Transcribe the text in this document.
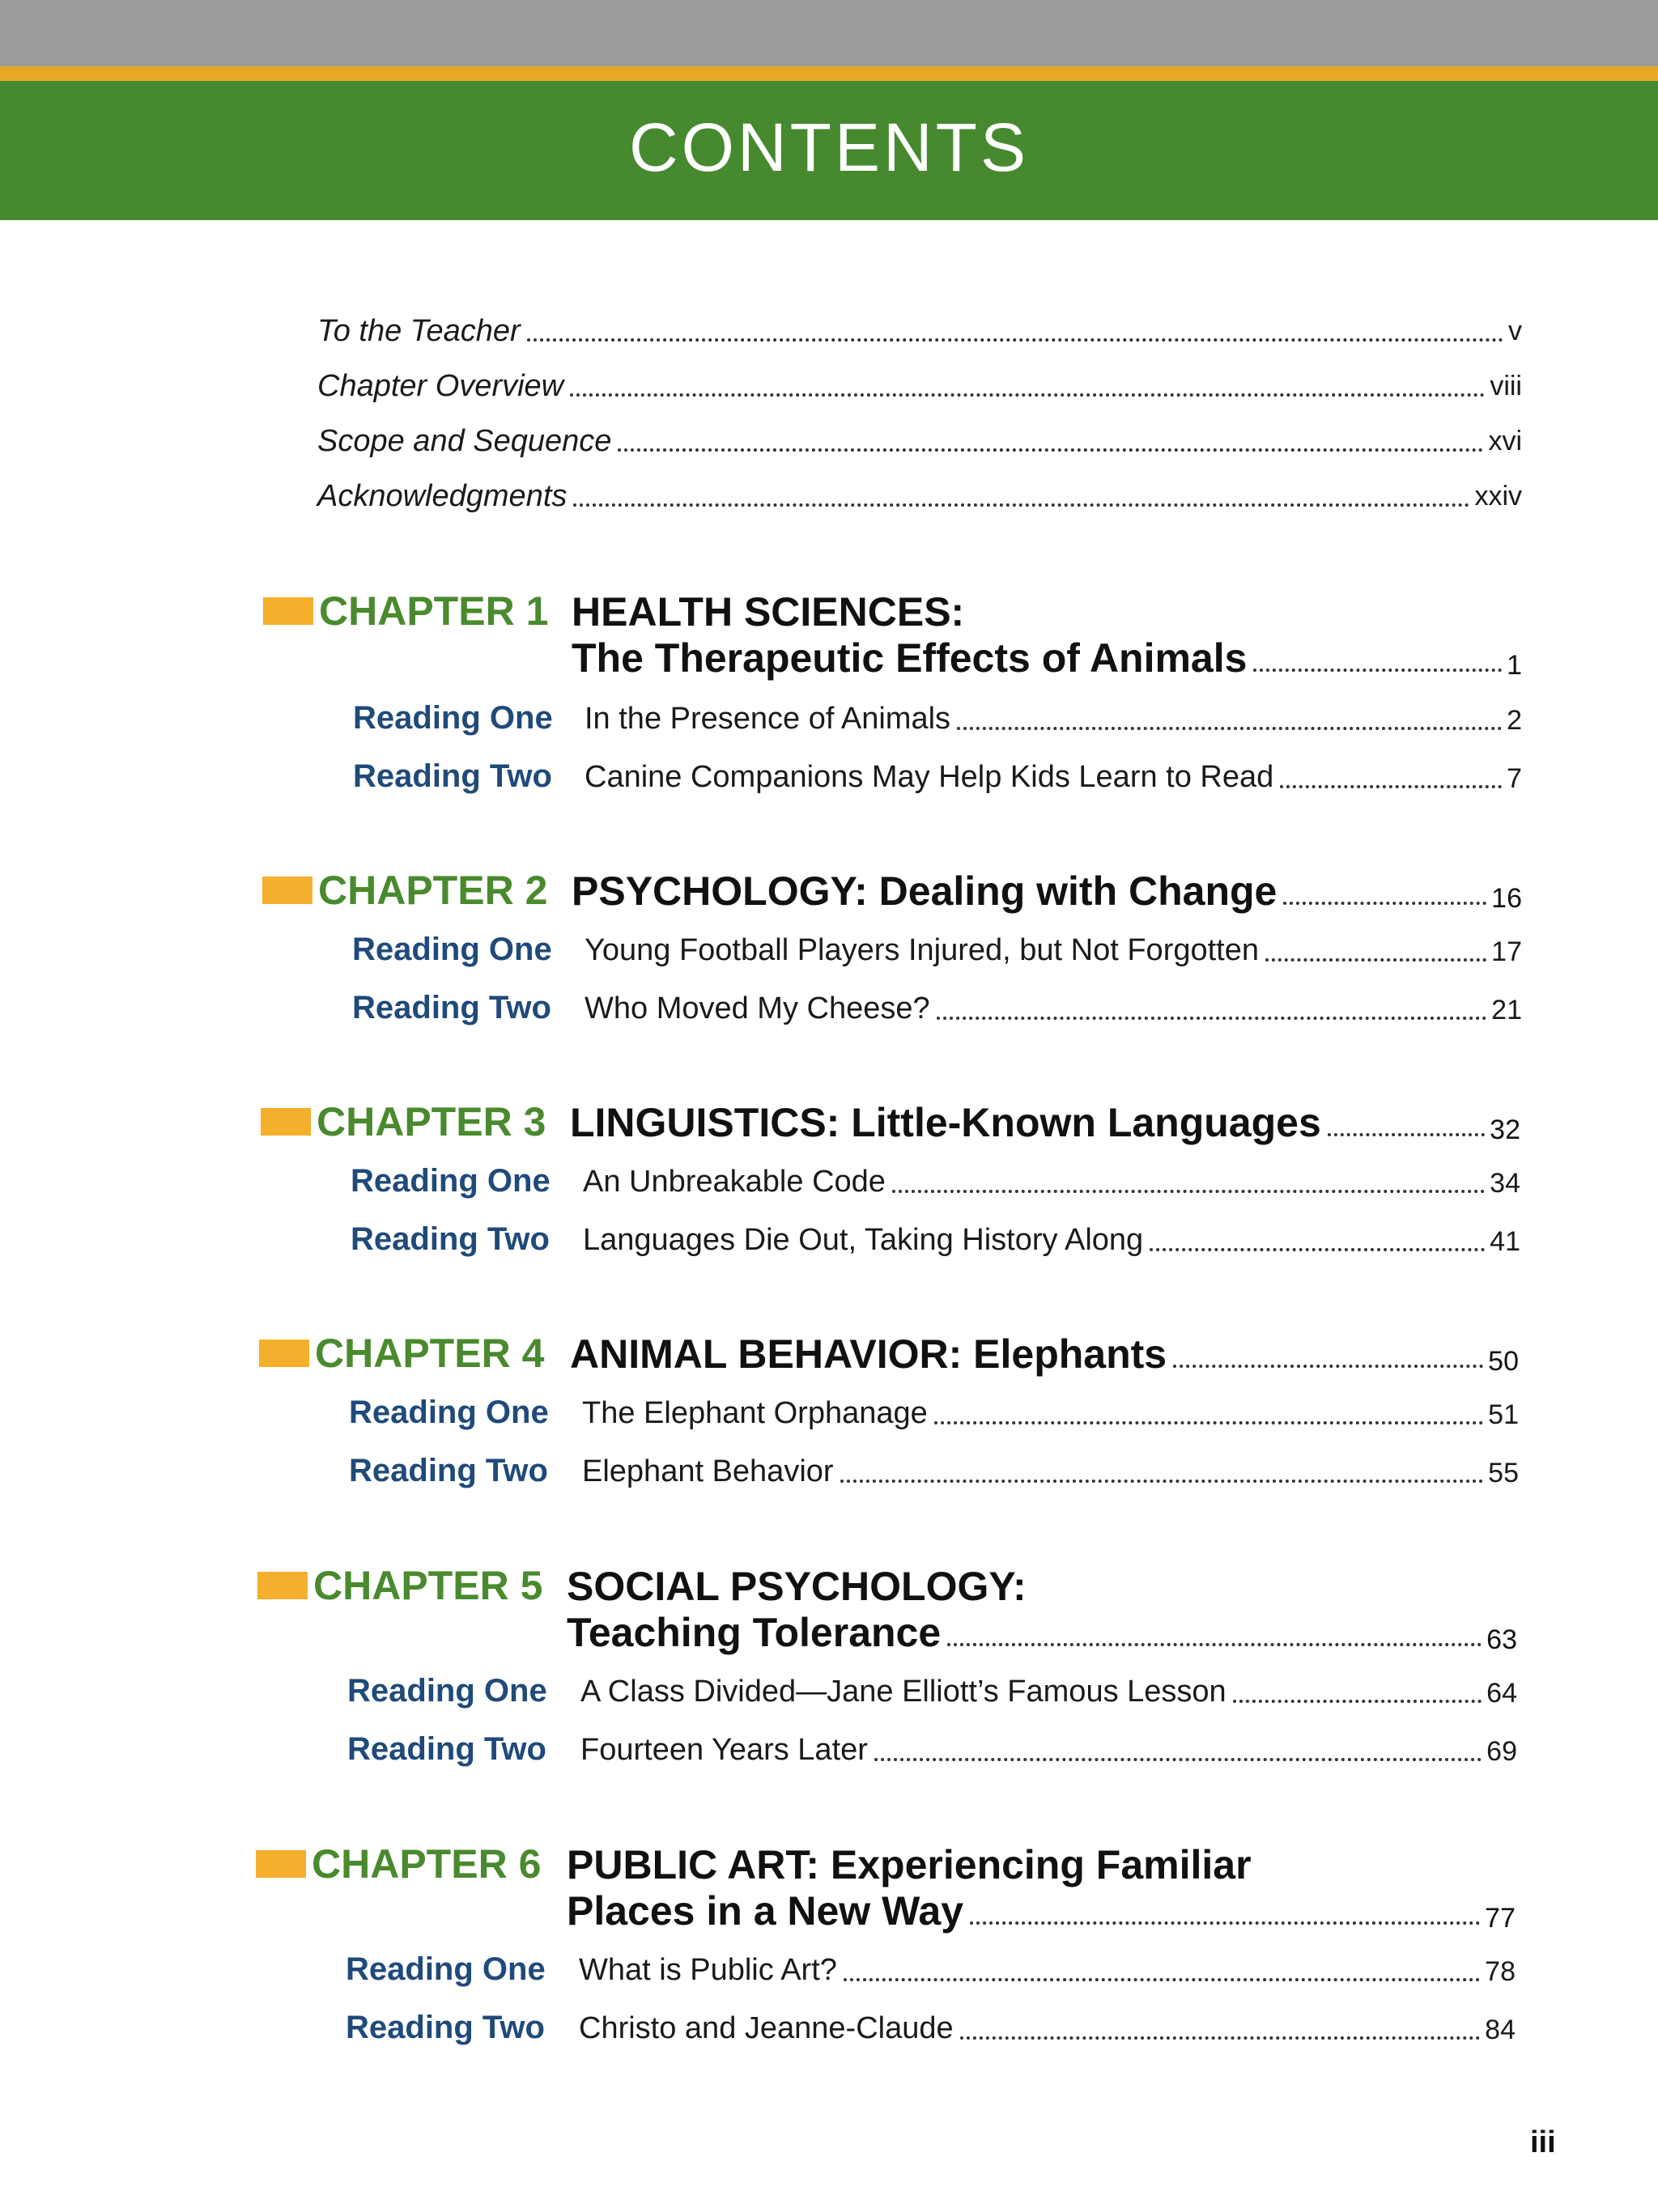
CONTENTS
To the Teacher	v
Chapter Overview	viii
Scope and Sequence	xvi
Acknowledgments	xxiv
CHAPTER 1 HEALTH SCIENCES:
The Therapeutic Effects of Animals	1
Reading One In the Presence of Animals	2
Reading Two Canine Companions May Help Kids Learn to Read	7
CHAPTER 2 PSYCHOLOGY: Dealing with Change	16
Reading One Young Football Players Injured, but Not Forgotten	17
Reading Two Who Moved My Cheese?	21
CHAPTER 3 LINGUISTICS: Little-Known Languages	32
Reading One An Unbreakable Code	34
Reading Two Languages Die Out, Taking History Along	41
CHAPTER 4 ANIMAL BEHAVIOR: Elephants	50
Reading One The Elephant Orphanage	51
Reading Two Elephant Behavior	55
CHAPTER 5 SOCIAL PSYCHOLOGY:
Teaching Tolerance	63
Reading One A Class Divided—Jane Elliott’s Famous Lesson	64
Reading Two Fourteen Years Later	69
CHAPTER 6 PUBLIC ART: Experiencing Familiar
Places in a New Way	77
Reading One What is Public Art?	78
Reading Two Christo and Jeanne-Claude	84
iii
